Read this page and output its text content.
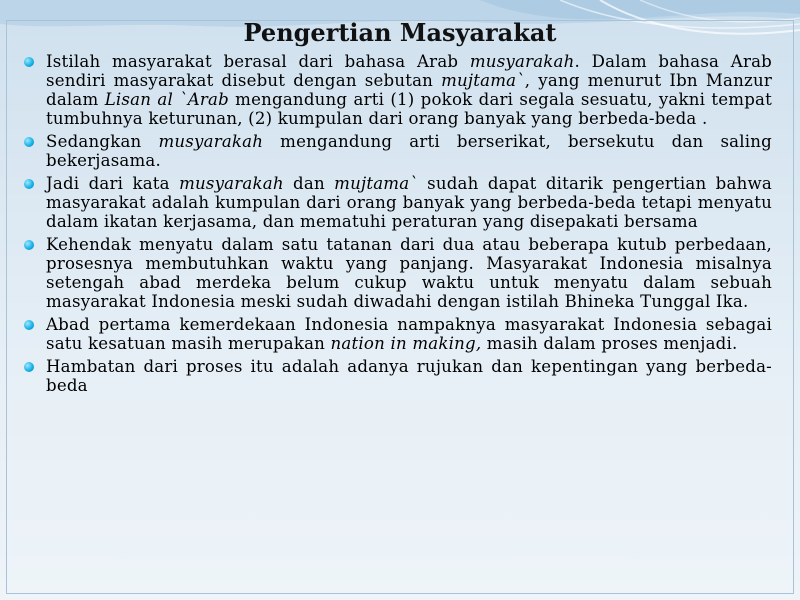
Pengertian Masyarakat
Istilah masyarakat berasal dari bahasa Arab musyarakah. Dalam bahasa Arab sendiri masyarakat disebut dengan sebutan mujtama`, yang menurut Ibn Manzur dalam Lisan al `Arab mengandung arti (1) pokok dari segala sesuatu, yakni tempat tumbuhnya keturunan, (2) kumpulan dari orang banyak yang berbeda-beda .
Sedangkan musyarakah mengandung arti berserikat, bersekutu dan saling bekerjasama.
Jadi dari kata musyarakah dan mujtama` sudah dapat ditarik pengertian bahwa masyarakat adalah kumpulan dari orang banyak yang berbeda-beda tetapi menyatu dalam ikatan kerjasama, dan mematuhi peraturan yang disepakati bersama
Kehendak menyatu dalam satu tatanan dari dua atau beberapa kutub perbedaan, prosesnya membutuhkan waktu yang panjang. Masyarakat Indonesia misalnya setengah abad merdeka belum cukup waktu untuk menyatu dalam sebuah masyarakat Indonesia meski sudah diwadahi dengan istilah Bhineka Tunggal Ika.
Abad pertama kemerdekaan Indonesia nampaknya masyarakat Indonesia sebagai satu kesatuan masih merupakan nation in making, masih dalam proses menjadi.
Hambatan dari proses itu adalah adanya rujukan dan kepentingan yang berbeda-beda
